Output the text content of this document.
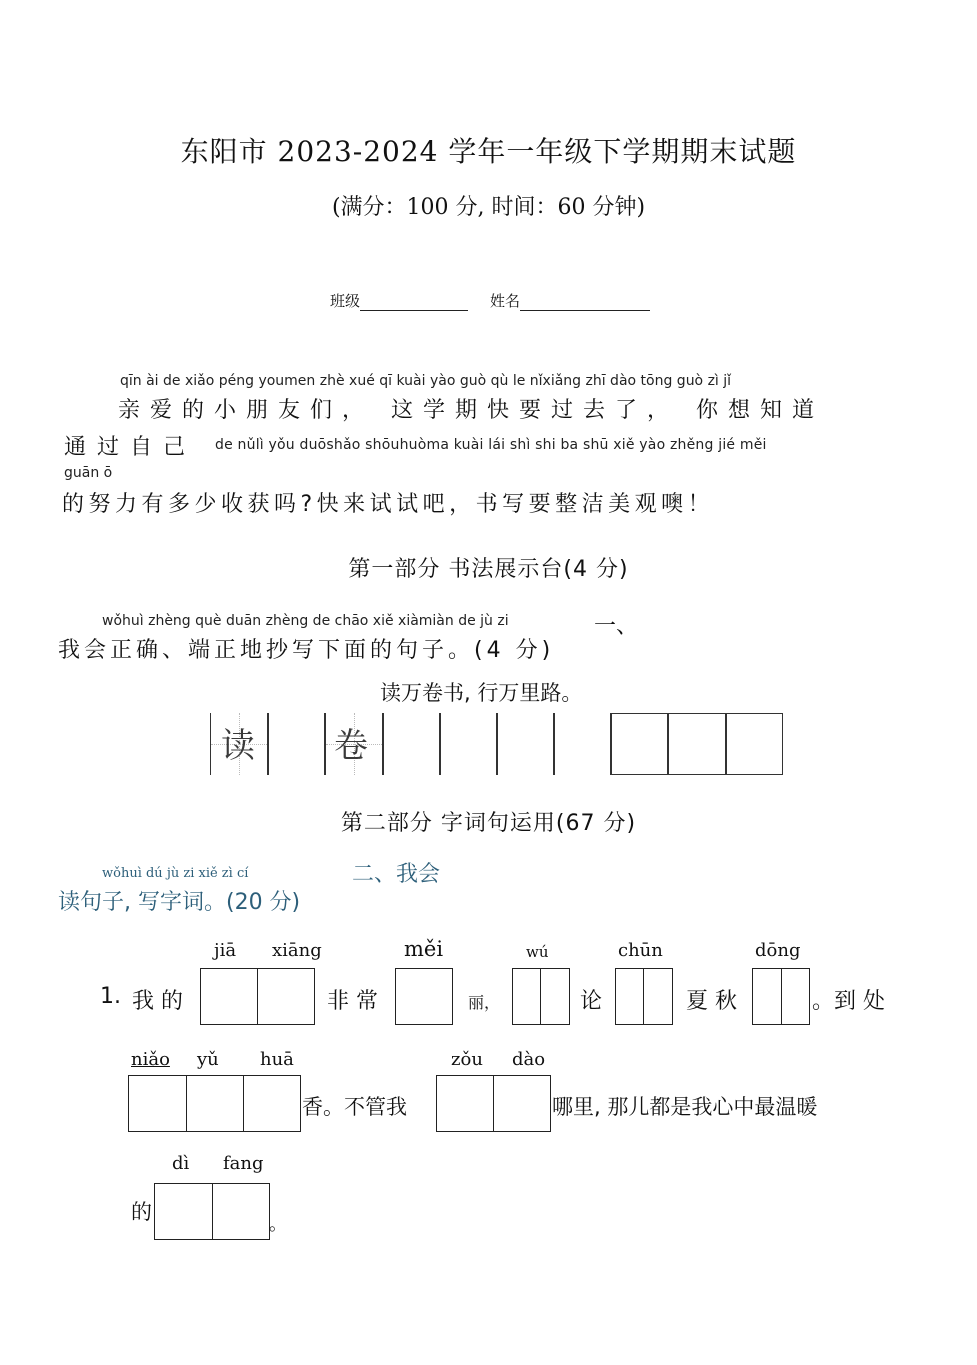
东阳市 2023-2024 学年一年级下学期期末试题
(满分：100 分, 时间：60 分钟)
班级	姓名
qīn ài de xiǎo péng youmen zhè xué qī kuài yào guò qù le nǐxiǎng zhī dào tōng guò zì jǐ
亲爱的小朋友们， 这学期快要过去了， 你想知道
通过自己 de nǔlì yǒu duōshǎo shōuhuòma kuài lái shì shi ba shū xiě yào zhěng jié měi
guān ō
的努力有多少收获吗?快来试试吧，书写要整洁美观噢！
第一部分 书法展示台(4 分)
wǒhuì zhèng què duān zhèng de chāo xiě xiàmiàn de jù zi	一、
我会正确、端正地抄写下面的句子。(4 分)
读万卷书, 行万里路。
读 卷
第二部分 字词句运用(67 分)
wǒhuì dú jù zi xiě zì cí	二、我会
读句子, 写字词。(20 分)
jiā xiāng	měi	wú	chūn	dōng
1. 我 的	非 常	丽，	论	夏 秋	。到 处
niǎo yǔ huā	zǒu dào
香。不管我	哪里, 那儿都是我心中最温暖
dì fang
的
。
